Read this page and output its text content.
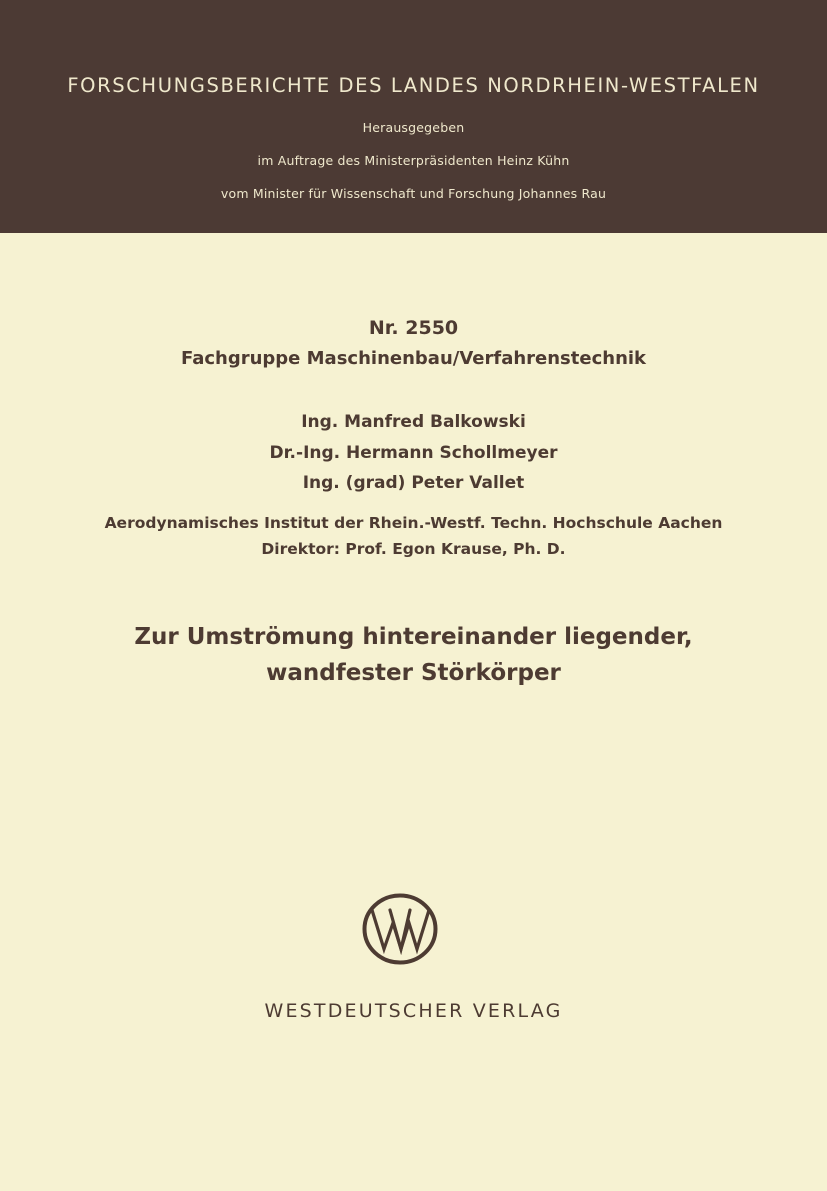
FORSCHUNGSBERICHTE DES LANDES NORDRHEIN-WESTFALEN
Herausgegeben
im Auftrage des Ministerpräsidenten Heinz Kühn
vom Minister für Wissenschaft und Forschung Johannes Rau
Nr. 2550
Fachgruppe Maschinenbau/Verfahrenstechnik
Ing. Manfred Balkowski
Dr.-Ing. Hermann Schollmeyer
Ing. (grad) Peter Vallet
Aerodynamisches Institut der Rhein.-Westf. Techn. Hochschule Aachen
Direktor: Prof. Egon Krause, Ph. D.
Zur Umströmung hintereinander liegender,
wandfester Störkörper
WESTDEUTSCHER VERLAG
